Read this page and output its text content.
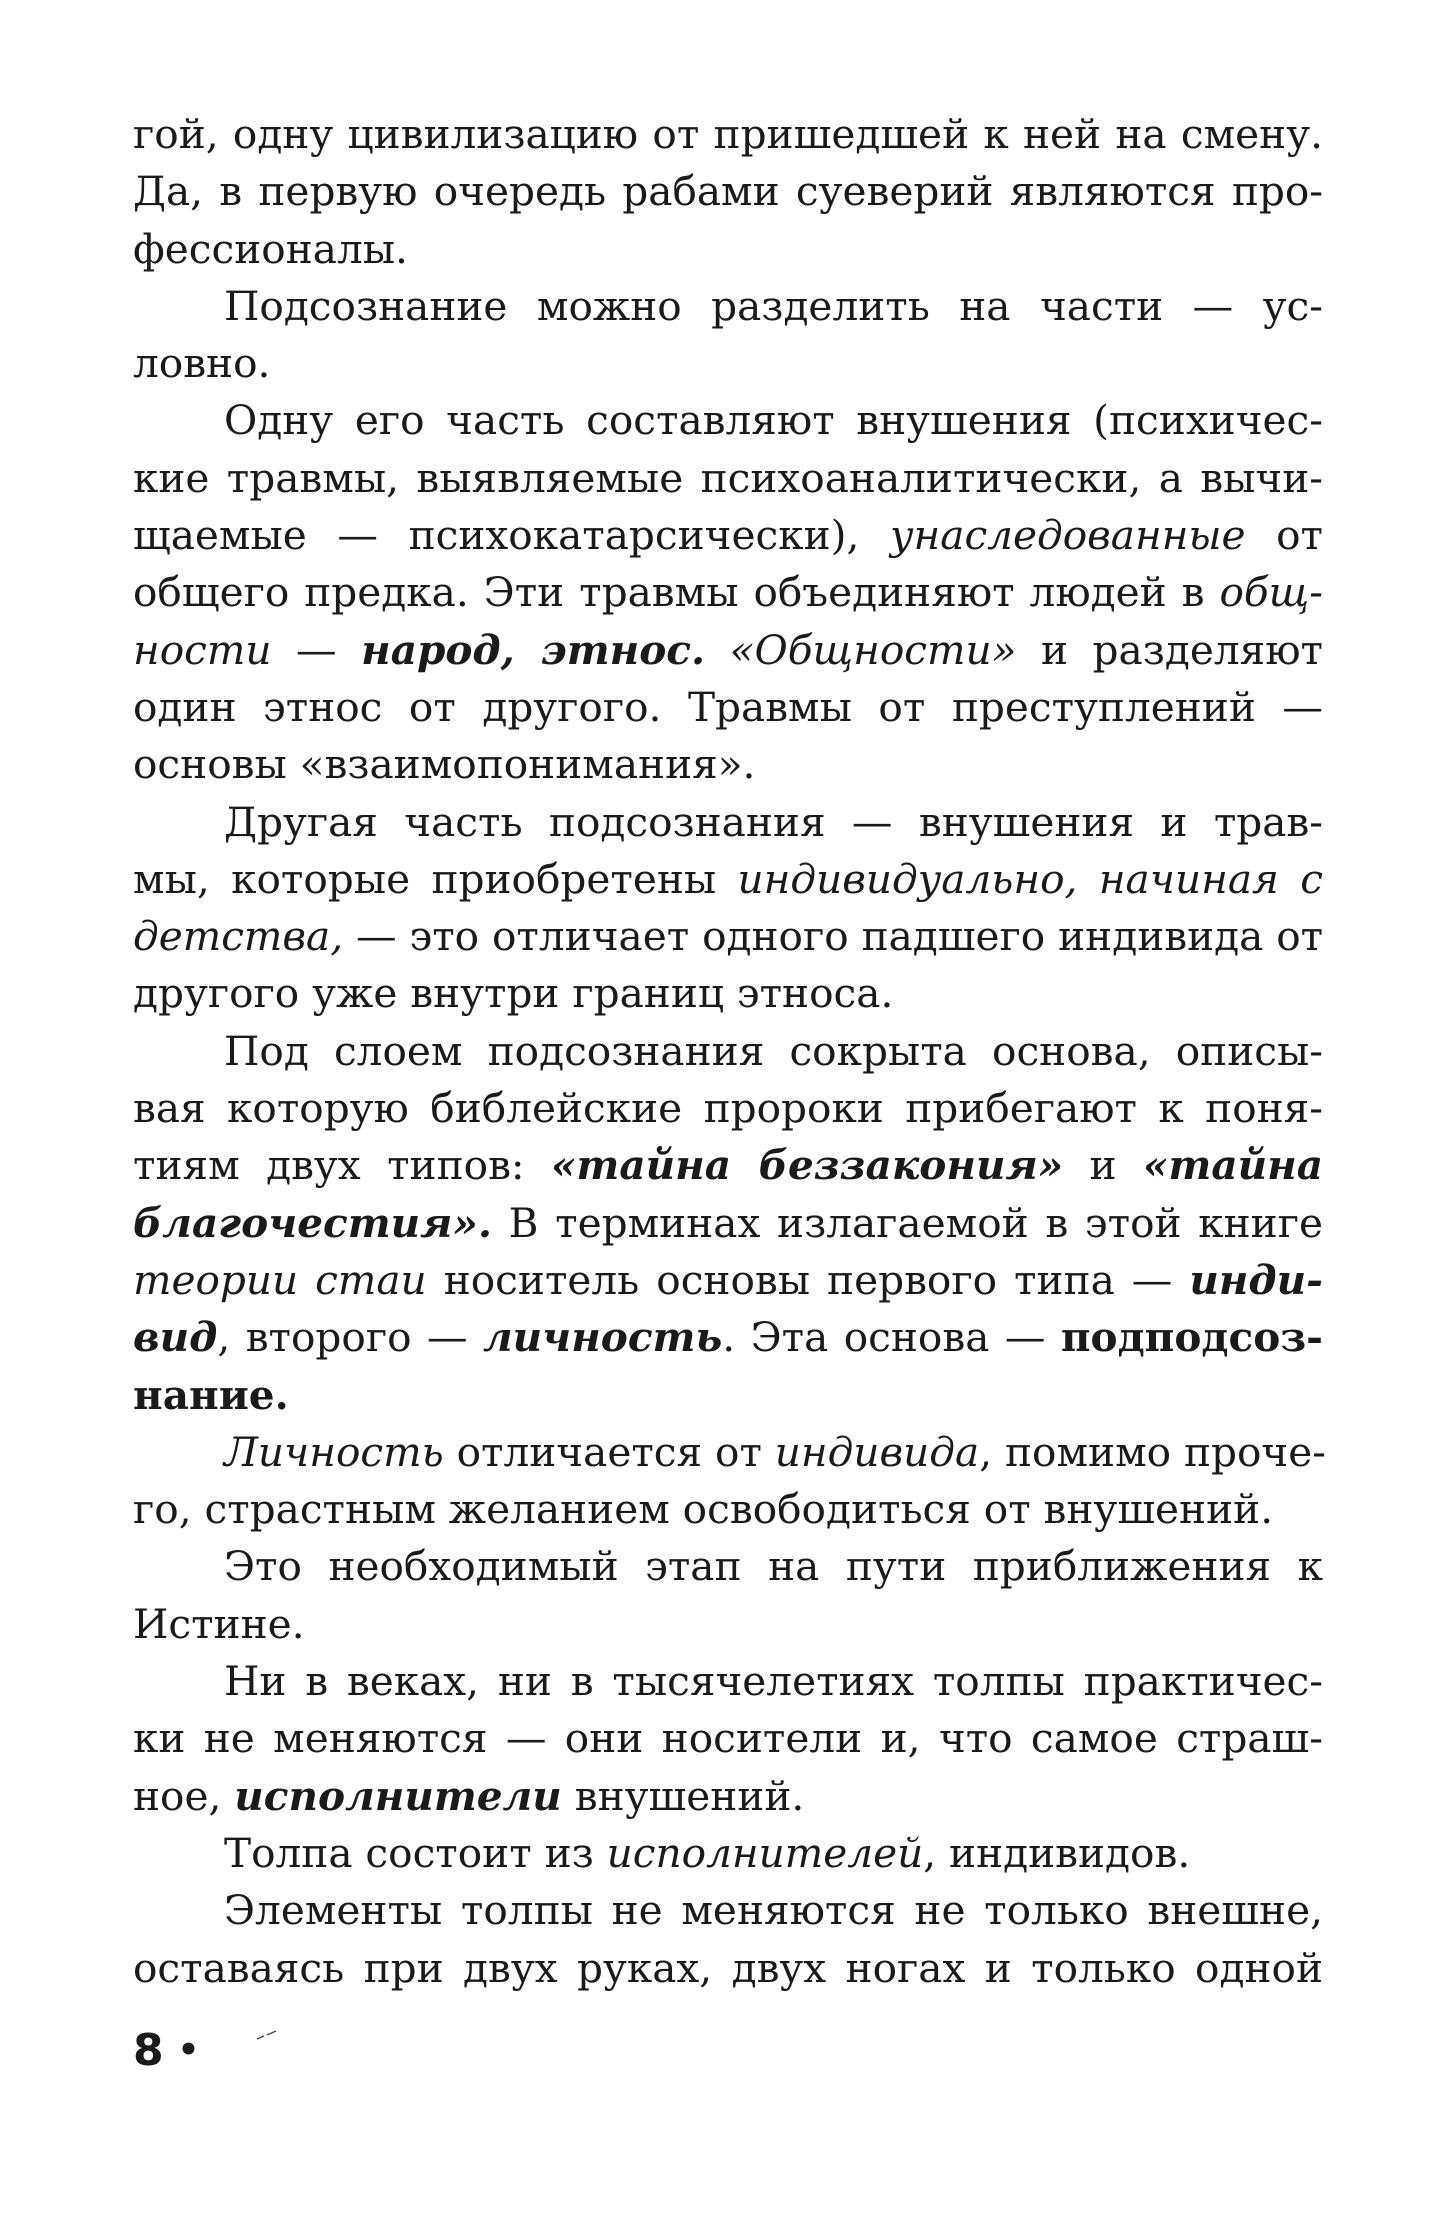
гой, одну цивилизацию от пришедшей к ней на смену.
Да, в первую очередь рабами суеверий являются про-
фессионалы.
Подсознание можно разделить на части — ус-
ловно.
Одну его часть составляют внушения (психичес-
кие травмы, выявляемые психоаналитически, а вычи-
щаемые — психокатарсически), унаследованные от
общего предка. Эти травмы объединяют людей в общ-
ности — народ, этнос. «Общности» и разделяют
один этнос от другого. Травмы от преступлений —
основы «взаимопонимания».
Другая часть подсознания — внушения и трав-
мы, которые приобретены индивидуально, начиная с
детства, — это отличает одного падшего индивида от
другого уже внутри границ этноса.
Под слоем подсознания сокрыта основа, описы-
вая которую библейские пророки прибегают к поня-
тиям двух типов: «тайна беззакония» и «тайна
благочестия». В терминах излагаемой в этой книге
теории стаи носитель основы первого типа — инди-
вид, второго — личность. Эта основа — подподсоз-
нание.
Личность отличается от индивида, помимо проче-
го, страстным желанием освободиться от внушений.
Это необходимый этап на пути приближения к
Истине.
Ни в веках, ни в тысячелетиях толпы практичес-
ки не меняются — они носители и, что самое страш-
ное, исполнители внушений.
Толпа состоит из исполнителей, индивидов.
Элементы толпы не меняются не только внешне,
оставаясь при двух руках, двух ногах и только одной
8 •
